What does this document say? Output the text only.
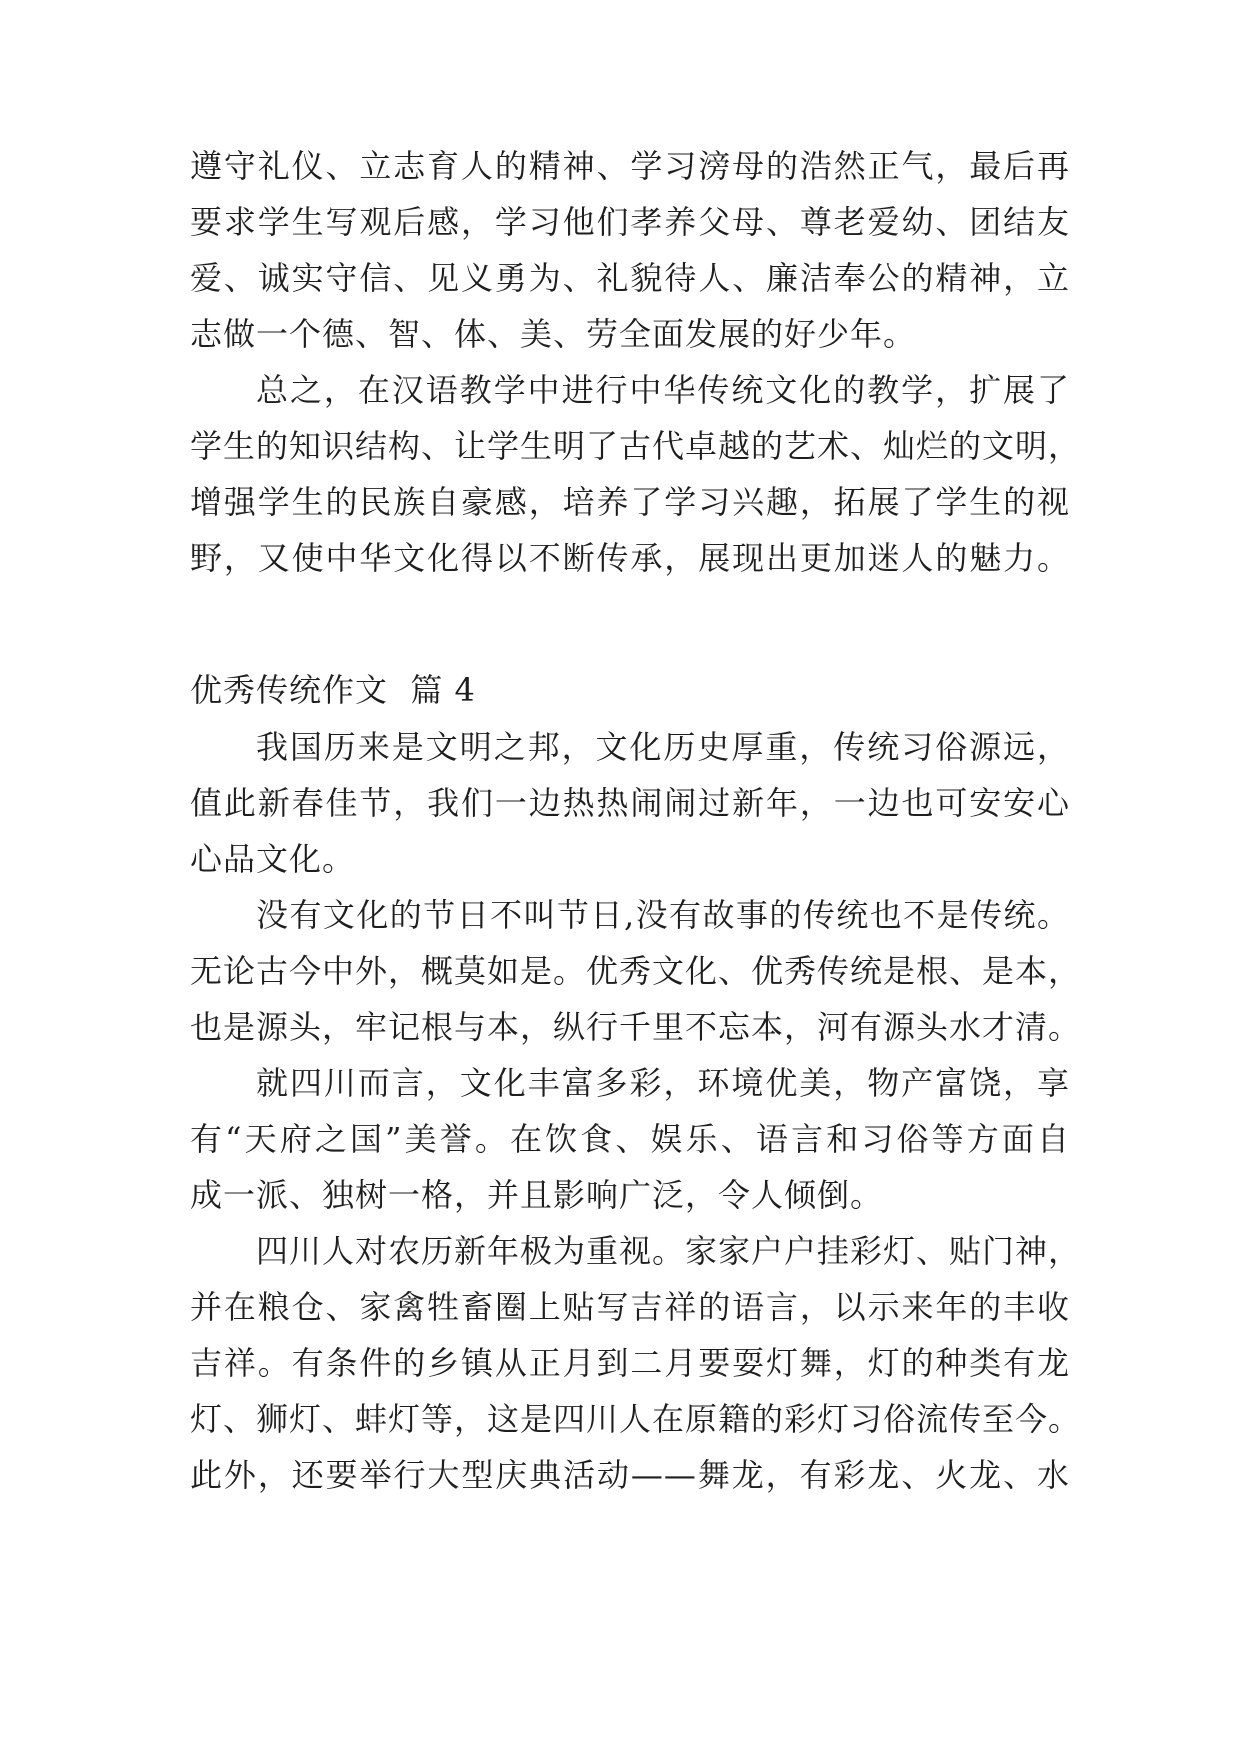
遵守礼仪、立志育人的精神、学习滂母的浩然正气，最后再
要求学生写观后感，学习他们孝养父母、尊老爱幼、团结友
爱、诚实守信、见义勇为、礼貌待人、廉洁奉公的精神，立
志做一个德、智、体、美、劳全面发展的好少年。
总之，在汉语教学中进行中华传统文化的教学，扩展了
学生的知识结构、让学生明了古代卓越的艺术、灿烂的文明，
增强学生的民族自豪感，培养了学习兴趣，拓展了学生的视
野，又使中华文化得以不断传承，展现出更加迷人的魅力。
优秀传统作文  篇 4
我国历来是文明之邦，文化历史厚重，传统习俗源远，
值此新春佳节，我们一边热热闹闹过新年，一边也可安安心
心品文化。
没有文化的节日不叫节日,没有故事的传统也不是传统。
无论古今中外，概莫如是。优秀文化、优秀传统是根、是本，
也是源头，牢记根与本，纵行千里不忘本，河有源头水才清。
就四川而言，文化丰富多彩，环境优美，物产富饶，享
有“天府之国”美誉。在饮食、娱乐、语言和习俗等方面自
成一派、独树一格，并且影响广泛，令人倾倒。
四川人对农历新年极为重视。家家户户挂彩灯、贴门神，
并在粮仓、家禽牲畜圈上贴写吉祥的语言，以示来年的丰收
吉祥。有条件的乡镇从正月到二月要耍灯舞，灯的种类有龙
灯、狮灯、蚌灯等，这是四川人在原籍的彩灯习俗流传至今。
此外，还要举行大型庆典活动——舞龙，有彩龙、火龙、水
